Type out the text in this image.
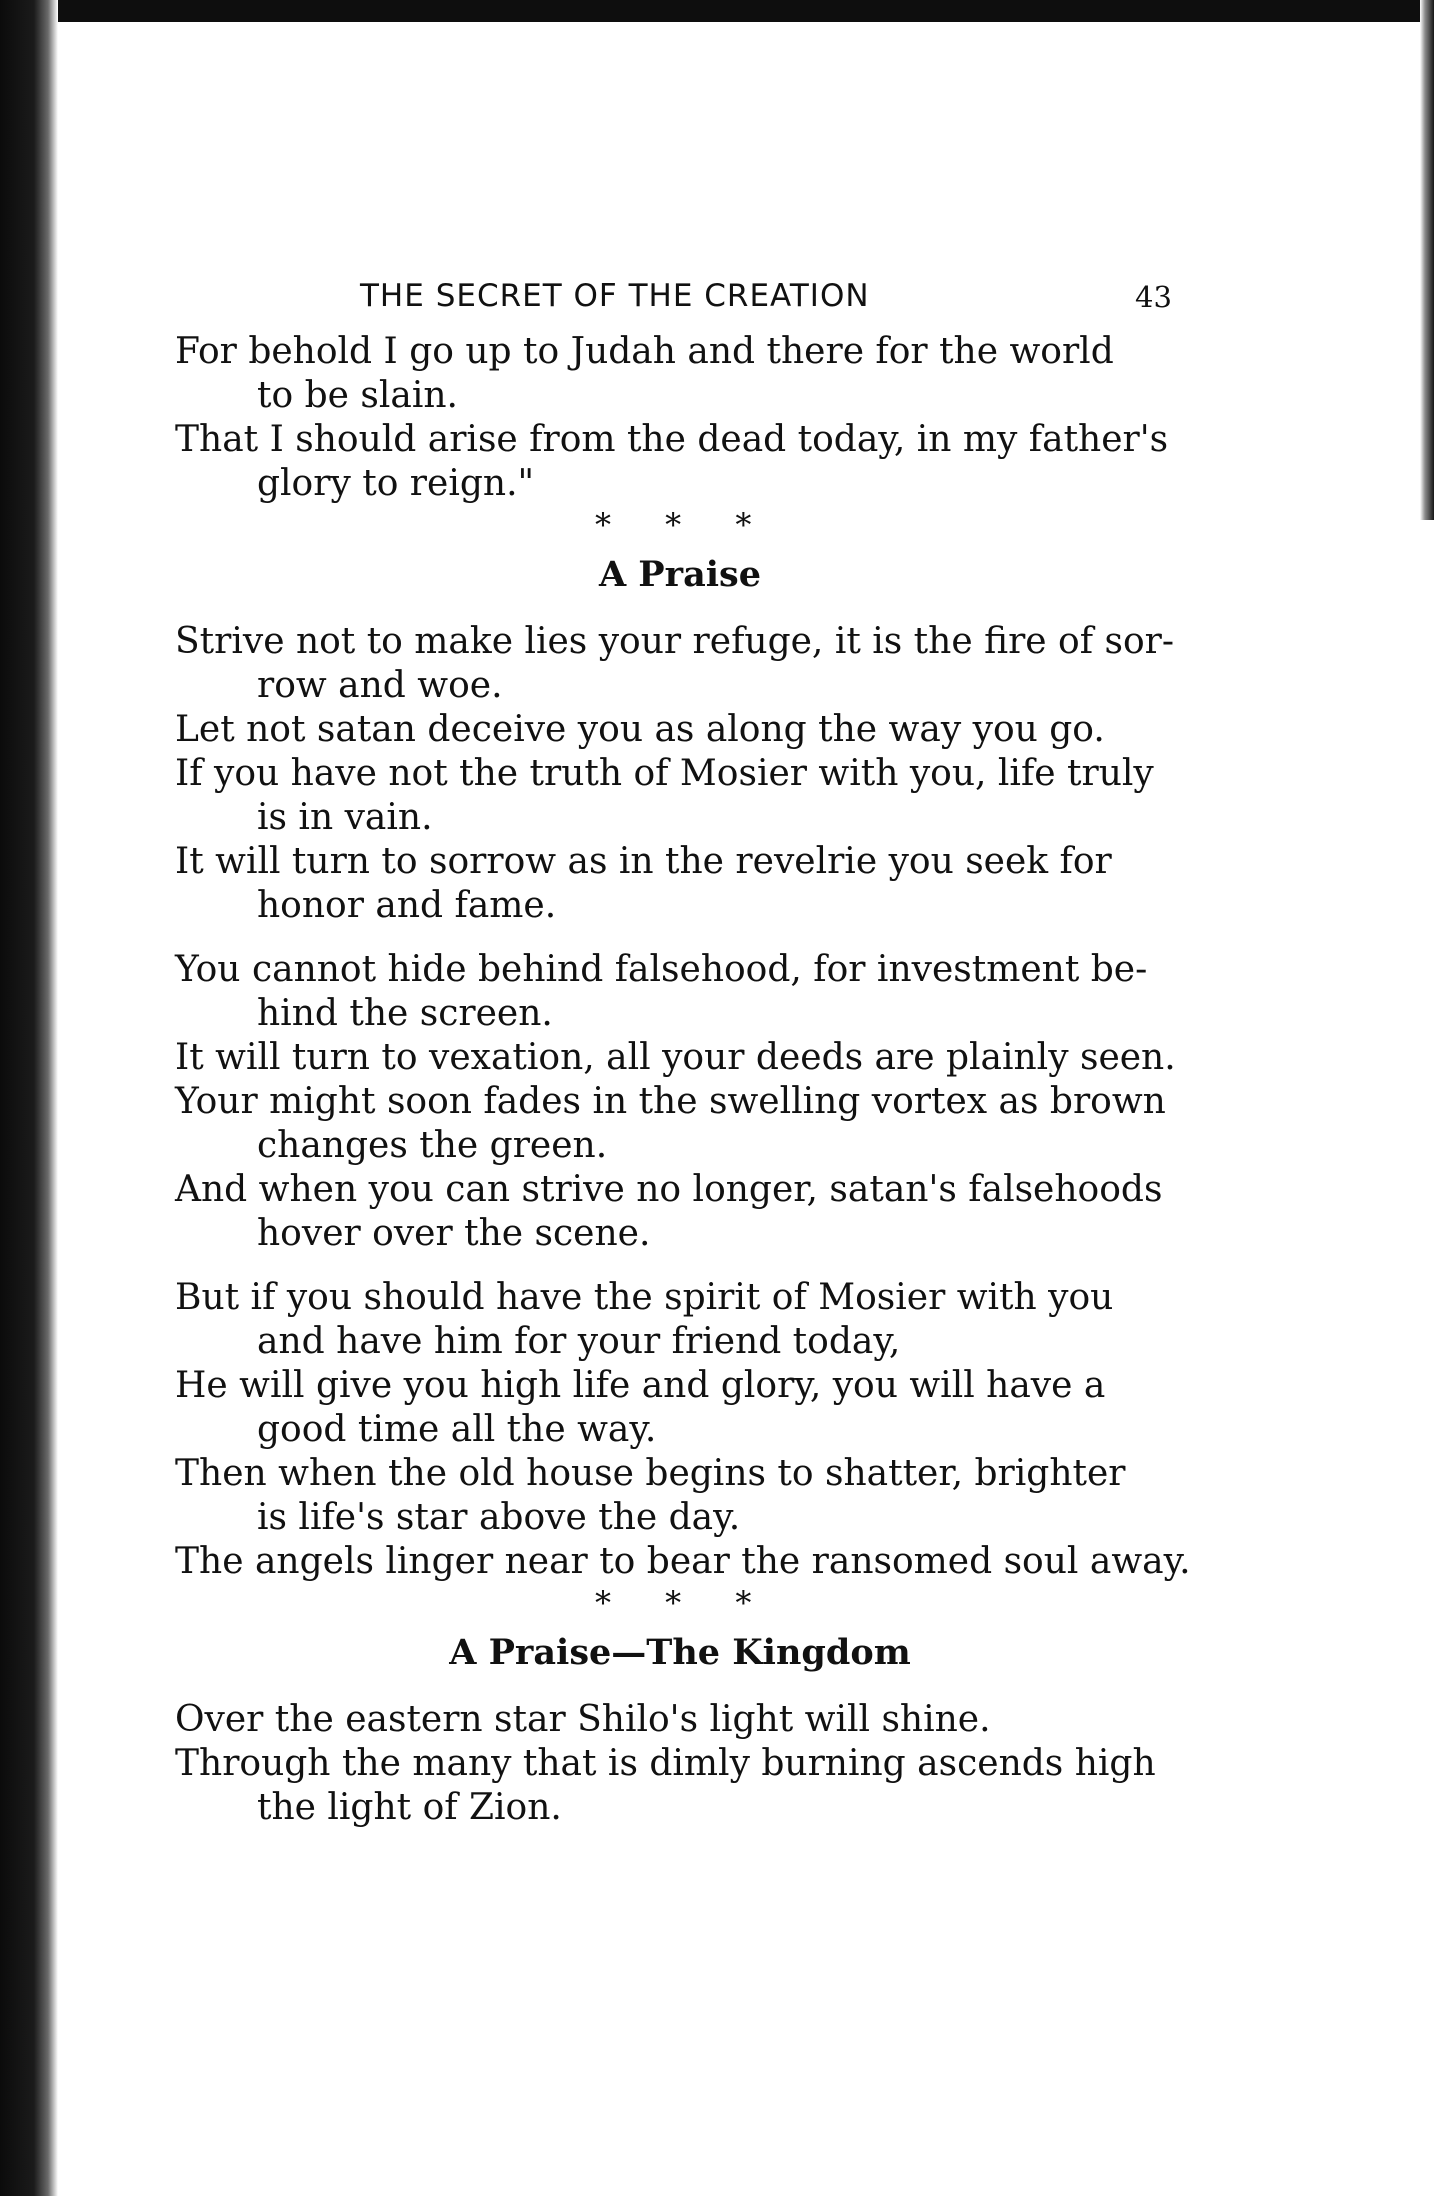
THE SECRET OF THE CREATION	43
For behold I go up to Judah and there for the world
to be slain.
That I should arise from the dead today, in my father's
glory to reign."
* * *
A Praise
Strive not to make lies your refuge, it is the fire of sor-
row and woe.
Let not satan deceive you as along the way you go.
If you have not the truth of Mosier with you, life truly
is in vain.
It will turn to sorrow as in the revelrie you seek for
honor and fame.
You cannot hide behind falsehood, for investment be-
hind the screen.
It will turn to vexation, all your deeds are plainly seen.
Your might soon fades in the swelling vortex as brown
changes the green.
And when you can strive no longer, satan's falsehoods
hover over the scene.
But if you should have the spirit of Mosier with you
and have him for your friend today,
He will give you high life and glory, you will have a
good time all the way.
Then when the old house begins to shatter, brighter
is life's star above the day.
The angels linger near to bear the ransomed soul away.
* * *
A Praise—The Kingdom
Over the eastern star Shilo's light will shine.
Through the many that is dimly burning ascends high
the light of Zion.
